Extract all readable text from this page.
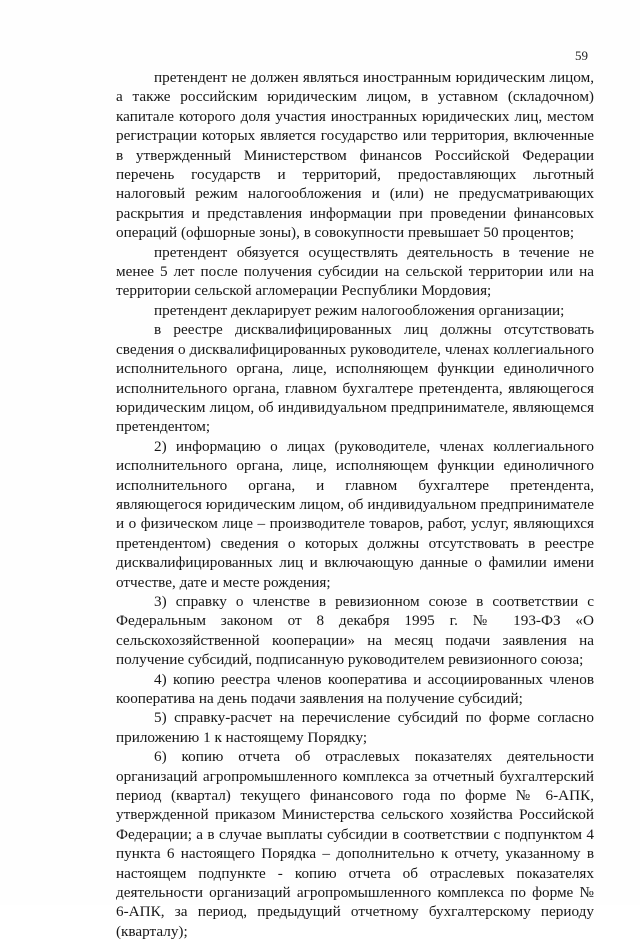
59

претендент не должен являться иностранным юридическим лицом, а также российским юридическим лицом, в уставном (складочном) капитале которого доля участия иностранных юридических лиц, местом регистрации которых является государство или территория, включенные в утвержденный Министерством финансов Российской Федерации перечень государств и территорий, предоставляющих льготный налоговый режим налогообложения и (или) не предусматривающих раскрытия и представления информации при проведении финансовых операций (офшорные зоны), в совокупности превышает 50 процентов;

претендент обязуется осуществлять деятельность в течение не менее 5 лет после получения субсидии на сельской территории или на территории сельской агломерации Республики Мордовия;

претендент декларирует режим налогообложения организации;

в реестре дисквалифицированных лиц должны отсутствовать сведения о дисквалифицированных руководителе, членах коллегиального исполнительного органа, лице, исполняющем функции единоличного исполнительного органа, главном бухгалтере претендента, являющегося юридическим лицом, об индивидуальном предпринимателе, являющемся претендентом;

2) информацию о лицах (руководителе, членах коллегиального исполнительного органа, лице, исполняющем функции единоличного исполнительного органа, и главном бухгалтере претендента, являющегося юридическим лицом, об индивидуальном предпринимателе и о физическом лице – производителе товаров, работ, услуг, являющихся претендентом) сведения о которых должны отсутствовать в реестре дисквалифицированных лиц и включающую данные о фамилии имени отчестве, дате и месте рождения;

3) справку о членстве в ревизионном союзе в соответствии с Федеральным законом от 8 декабря 1995 г. № 193-ФЗ «О сельскохозяйственной кооперации» на месяц подачи заявления на получение субсидий, подписанную руководителем ревизионного союза;

4) копию реестра членов кооператива и ассоциированных членов кооператива на день подачи заявления на получение субсидий;

5) справку-расчет на перечисление субсидий по форме согласно приложению 1 к настоящему Порядку;

6) копию отчета об отраслевых показателях деятельности организаций агропромышленного комплекса за отчетный бухгалтерский период (квартал) текущего финансового года по форме № 6-АПК, утвержденной приказом Министерства сельского хозяйства Российской Федерации; а в случае выплаты субсидии в соответствии с подпунктом 4 пункта 6 настоящего Порядка – дополнительно к отчету, указанному в настоящем подпункте - копию отчета об отраслевых показателях деятельности организаций агропромышленного комплекса по форме № 6-АПК, за период, предыдущий отчетному бухгалтерскому периоду (кварталу);
